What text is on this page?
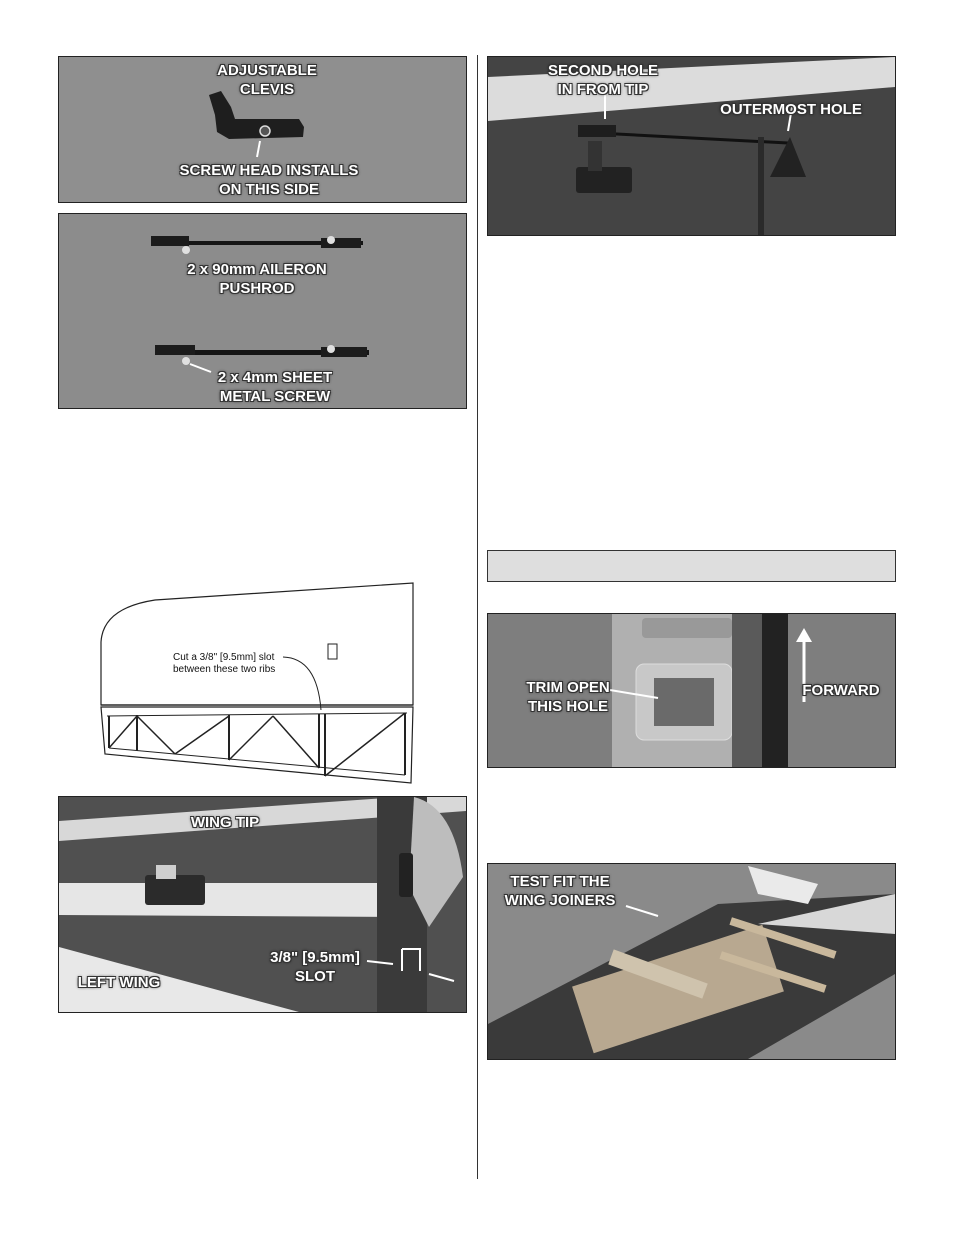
ADJUSTABLE
CLEVIS
SCREW HEAD INSTALLS
ON THIS SIDE
2 x 90mm AILERON
PUSHROD
2 x 4mm SHEET
METAL SCREW
Cut a 3/8" [9.5mm] slot
between these two ribs
WING TIP
LEFT WING
3/8" [9.5mm]
SLOT
SECOND HOLE
IN FROM TIP
OUTERMOST HOLE
TRIM OPEN
THIS HOLE
FORWARD
TEST FIT THE
WING JOINERS
